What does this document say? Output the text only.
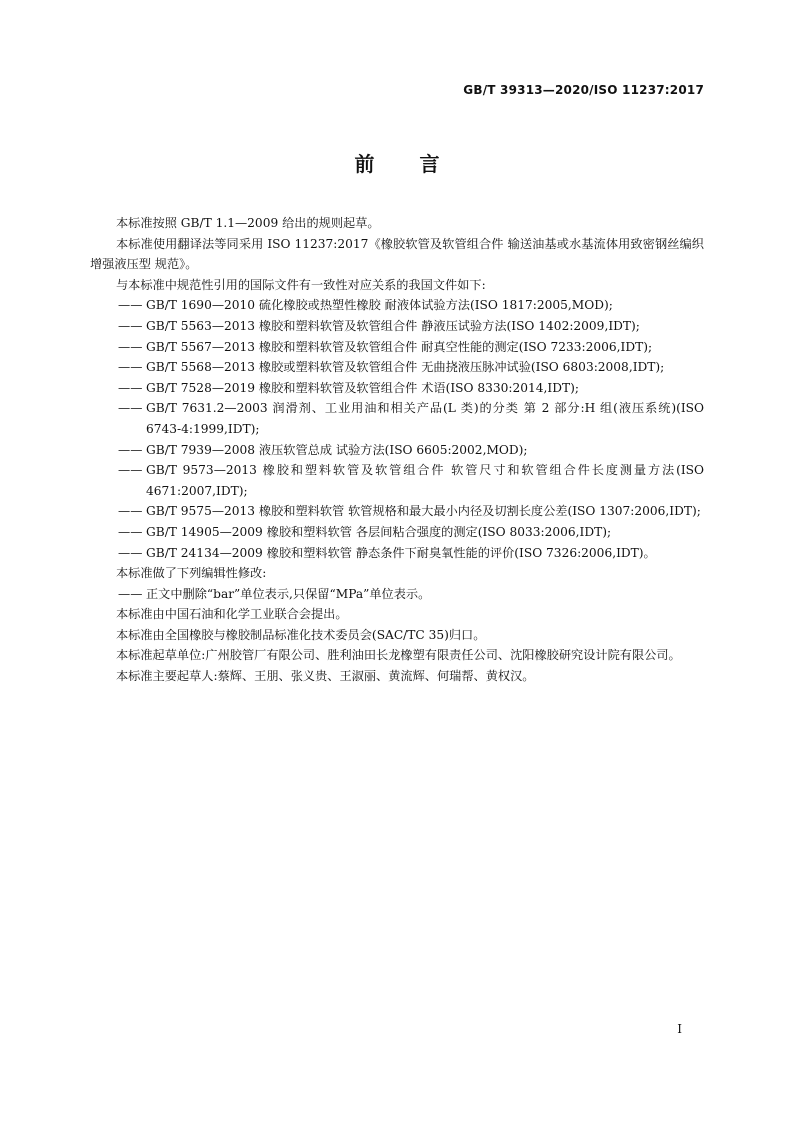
GB/T 39313—2020/ISO 11237:2017
前 言

本标准按照 GB/T 1.1—2009 给出的规则起草。

本标准使用翻译法等同采用 ISO 11237:2017《橡胶软管及软管组合件 输送油基或水基流体用致密钢丝编织增强液压型 规范》。

与本标准中规范性引用的国际文件有一致性对应关系的我国文件如下:

—— GB/T 1690—2010 硫化橡胶或热塑性橡胶 耐液体试验方法(ISO 1817:2005,MOD);
—— GB/T 5563—2013 橡胶和塑料软管及软管组合件 静液压试验方法(ISO 1402:2009,IDT);
—— GB/T 5567—2013 橡胶和塑料软管及软管组合件 耐真空性能的测定(ISO 7233:2006,IDT);
—— GB/T 5568—2013 橡胶或塑料软管及软管组合件 无曲挠液压脉冲试验(ISO 6803:2008,IDT);
—— GB/T 7528—2019 橡胶和塑料软管及软管组合件 术语(ISO 8330:2014,IDT);
—— GB/T 7631.2—2003 润滑剂、工业用油和相关产品(L 类)的分类 第 2 部分:H 组(液压系统)(ISO 6743-4:1999,IDT);
—— GB/T 7939—2008 液压软管总成 试验方法(ISO 6605:2002,MOD);
—— GB/T 9573—2013 橡胶和塑料软管及软管组合件 软管尺寸和软管组合件长度测量方法(ISO 4671:2007,IDT);
—— GB/T 9575—2013 橡胶和塑料软管 软管规格和最大最小内径及切割长度公差(ISO 1307:2006,IDT);
—— GB/T 14905—2009 橡胶和塑料软管 各层间粘合强度的测定(ISO 8033:2006,IDT);
—— GB/T 24134—2009 橡胶和塑料软管 静态条件下耐臭氧性能的评价(ISO 7326:2006,IDT)。

本标准做了下列编辑性修改:

—— 正文中删除“bar”单位表示,只保留“MPa”单位表示。

本标准由中国石油和化学工业联合会提出。

本标准由全国橡胶与橡胶制品标准化技术委员会(SAC/TC 35)归口。

本标准起草单位:广州胶管厂有限公司、胜利油田长龙橡塑有限责任公司、沈阳橡胶研究设计院有限公司。

本标准主要起草人:蔡辉、王朋、张义贵、王淑丽、黄流辉、何瑞帮、黄权汉。

I
